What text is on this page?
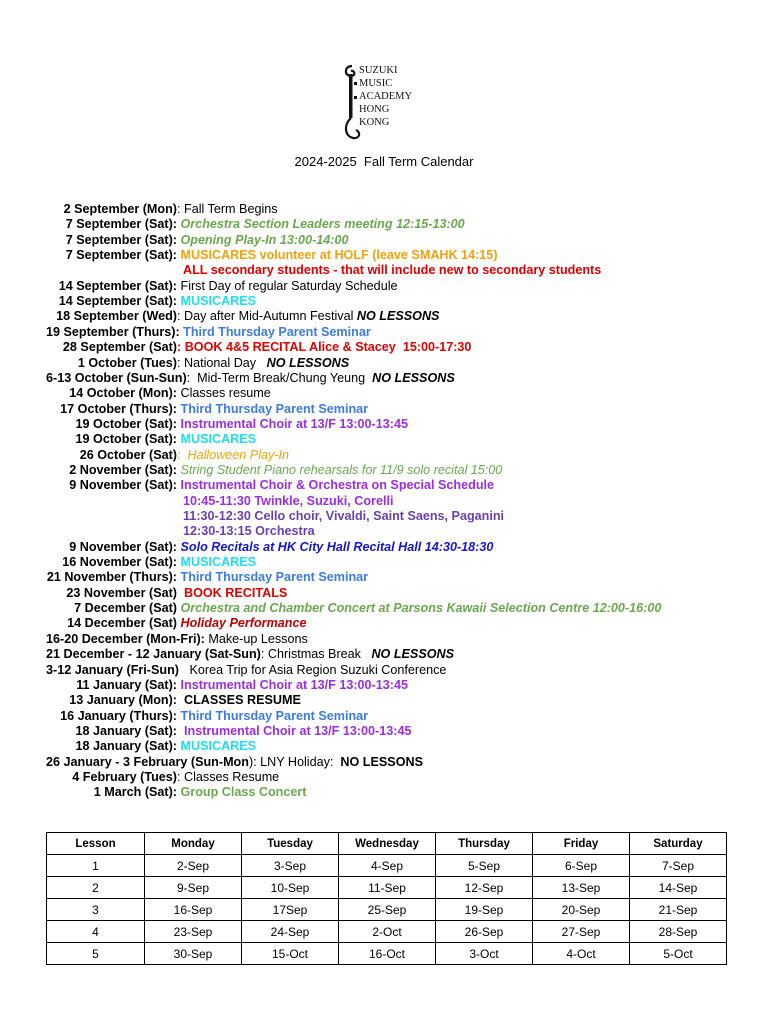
SUZUKI
MUSIC
ACADEMY
HONG
KONG
2024-2025  Fall Term Calendar
2 September (Mon) : Fall Term Begins
7 September (Sat): Orchestra Section Leaders meeting 12:15-13:00
7 September (Sat): Opening Play-In 13:00-14:00
7 September (Sat): MUSICARES volunteer at HOLF (leave SMAHK 14:15)
ALL secondary students - that will include new to secondary students
14 September (Sat): First Day of regular Saturday Schedule
14 September (Sat): MUSICARES
18 September (Wed) : Day after Mid-Autumn Festival NO LESSONS
19 September (Thurs): Third Thursday Parent Seminar
28 September (Sat) : BOOK 4&5 RECITAL Alice & Stacey  15:00-17:30
1 October (Tues) : National Day   NO LESSONS
6-13 October (Sun-Sun) :  Mid-Term Break/Chung Yeung  NO LESSONS
14 October (Mon): Classes resume
17 October (Thurs): Third Thursday Parent Seminar
19 October (Sat): Instrumental Choir at 13/F 13:00-13:45
19 October (Sat): MUSICARES
26 October (Sat) :  Halloween Play-In
2 November (Sat): String Student Piano rehearsals for 11/9 solo recital 15:00
9 November (Sat): Instrumental Choir & Orchestra on Special Schedule
10:45-11:30 Twinkle, Suzuki, Corelli
11:30-12:30 Cello choir, Vivaldi, Saint Saens, Paganini
12:30-13:15 Orchestra
9 November (Sat): Solo Recitals at HK City Hall Recital Hall 14:30-18:30
16 November (Sat): MUSICARES
21 November (Thurs): Third Thursday Parent Seminar
23 November (Sat) BOOK RECITALS
7 December (Sat) Orchestra and Chamber Concert at Parsons Kawaii Selection Centre 12:00-16:00
14 December (Sat) Holiday Performance
16-20 December (Mon-Fri): Make-up Lessons
21 December - 12 January (Sat-Sun) : Christmas Break   NO LESSONS
3-12 January (Fri-Sun) Korea Trip for Asia Region Suzuki Conference
11 January (Sat): Instrumental Choir at 13/F 13:00-13:45
13 January (Mon): CLASSES RESUME
16 January (Thurs): Third Thursday Parent Seminar
18 January (Sat): Instrumental Choir at 13/F 13:00-13:45
18 January (Sat): MUSICARES
26 January - 3 February (Sun-Mon ): LNY Holiday:  NO LESSONS
4 February (Tues) : Classes Resume
1 March (Sat): Group Class Concert
Lesson	Monday	Tuesday	Wednesday	Thursday	Friday	Saturday
1	2-Sep	3-Sep	4-Sep	5-Sep	6-Sep	7-Sep
2	9-Sep	10-Sep	11-Sep	12-Sep	13-Sep	14-Sep
3	16-Sep	17Sep	25-Sep	19-Sep	20-Sep	21-Sep
4	23-Sep	24-Sep	2-Oct	26-Sep	27-Sep	28-Sep
5	30-Sep	15-Oct	16-Oct	3-Oct	4-Oct	5-Oct
